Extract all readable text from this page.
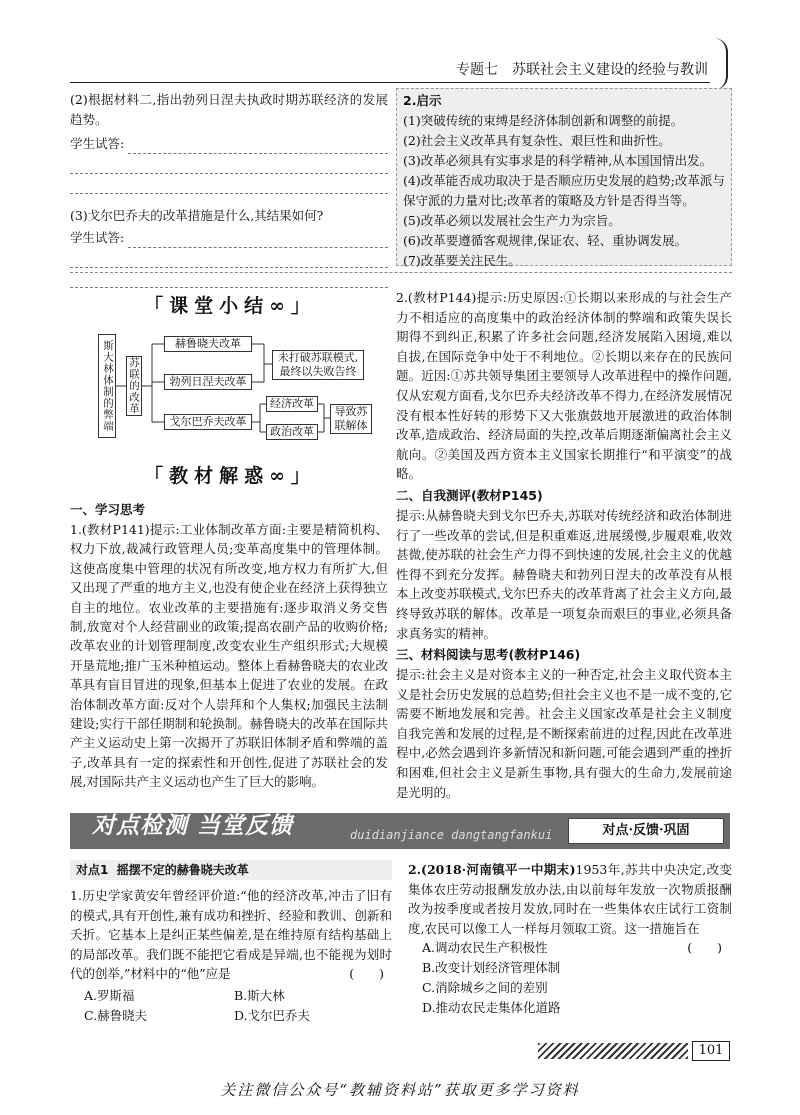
专题七　苏联社会主义建设的经验与教训

(2)根据材料二,指出勃列日涅夫执政时期苏联经济的发展趋势。

学生试答:

(3)戈尔巴乔夫的改革措施是什么,其结果如何?

学生试答:
2.启示
(1)突破传统的束缚是经济体制创新和调整的前提。
(2)社会主义改革具有复杂性、艰巨性和曲折性。
(3)改革必须具有实事求是的科学精神,从本国国情出发。
(4)改革能否成功取决于是否顺应历史发展的趋势;改革派与保守派的力量对比;改革者的策略及方针是否得当等。
(5)改革必须以发展社会生产力为宗旨。
(6)改革要遵循客观规律,保证农、轻、重协调发展。
(7)改革要关注民生。
「课堂小结∞」
斯大林体制的弊端 苏联的改革
赫鲁晓夫改革
勃列日涅夫改革
戈尔巴乔夫改革
未打破苏联模式,最终以失败告终
经济改革
政治改革
导致苏联解体
「教材解惑∞」
一、学习思考

1.(教材P141)提示:工业体制改革方面:主要是精简机构、权力下放,裁减行政管理人员;变革高度集中的管理体制。这使高度集中管理的状况有所改变,地方权力有所扩大,但又出现了严重的地方主义,也没有使企业在经济上获得独立自主的地位。农业改革的主要措施有:逐步取消义务交售制,放宽对个人经营副业的政策;提高农副产品的收购价格;改革农业的计划管理制度,改变农业生产组织形式;大规模开垦荒地;推广玉米种植运动。整体上看赫鲁晓夫的农业改革具有盲目冒进的现象,但基本上促进了农业的发展。在政治体制改革方面:反对个人崇拜和个人集权;加强民主法制建设;实行干部任期制和轮换制。赫鲁晓夫的改革在国际共产主义运动史上第一次揭开了苏联旧体制矛盾和弊端的盖子,改革具有一定的探索性和开创性,促进了苏联社会的发展,对国际共产主义运动也产生了巨大的影响。

2.(教材P144)提示:历史原因:①长期以来形成的与社会生产力不相适应的高度集中的政治经济体制的弊端和政策失误长期得不到纠正,积累了许多社会问题,经济发展陷入困境,难以自拔,在国际竞争中处于不利地位。②长期以来存在的民族问题。近因:①苏共领导集团主要领导人改革进程中的操作问题,仅从宏观方面看,戈尔巴乔夫经济改革不得力,在经济发展情况没有根本性好转的形势下又大张旗鼓地开展激进的政治体制改革,造成政治、经济局面的失控,改革后期逐渐偏离社会主义航向。②美国及西方资本主义国家长期推行“和平演变”的战略。

二、自我测评(教材P145)

提示:从赫鲁晓夫到戈尔巴乔夫,苏联对传统经济和政治体制进行了一些改革的尝试,但是积重难返,进展缓慢,步履艰难,收效甚微,使苏联的社会生产力得不到快速的发展,社会主义的优越性得不到充分发挥。赫鲁晓夫和勃列日涅夫的改革没有从根本上改变苏联模式,戈尔巴乔夫的改革背离了社会主义方向,最终导致苏联的解体。改革是一项复杂而艰巨的事业,必须具备求真务实的精神。

三、材料阅读与思考(教材P146)

提示:社会主义是对资本主义的一种否定,社会主义取代资本主义是社会历史发展的总趋势;但社会主义也不是一成不变的,它需要不断地发展和完善。社会主义国家改革是社会主义制度自我完善和发展的过程,是不断探索前进的过程,因此在改革进程中,必然会遇到许多新情况和新问题,可能会遇到严重的挫折和困难,但社会主义是新生事物,具有强大的生命力,发展前途是光明的。

对点检测 当堂反馈	duidianjiance dangtangfankui	对点·反馈·巩固
对点1 摇摆不定的赫鲁晓夫改革

1.历史学家黄安年曾经评价道:“他的经济改革,冲击了旧有的模式,具有开创性,兼有成功和挫折、经验和教训、创新和夭折。它基本上是纠正某些偏差,是在维持原有结构基础上的局部改革。我们既不能把它看成是异端,也不能视为划时代的创举,”材料中的“他”应是	(　　)

A.罗斯福	B.斯大林
C.赫鲁晓夫	D.戈尔巴乔夫

2.(2018·河南镇平一中期末)1953年,苏共中央决定,改变集体农庄劳动报酬发放办法,由以前每年发放一次物质报酬改为按季度或者按月发放,同时在一些集体农庄试行工资制度,农民可以像工人一样每月领取工资。这一措施旨在
(　　)

A.调动农民生产积极性
B.改变计划经济管理体制
C.消除城乡之间的差别
D.推动农民走集体化道路
101
关注微信公众号“教辅资料站”获取更多学习资料
